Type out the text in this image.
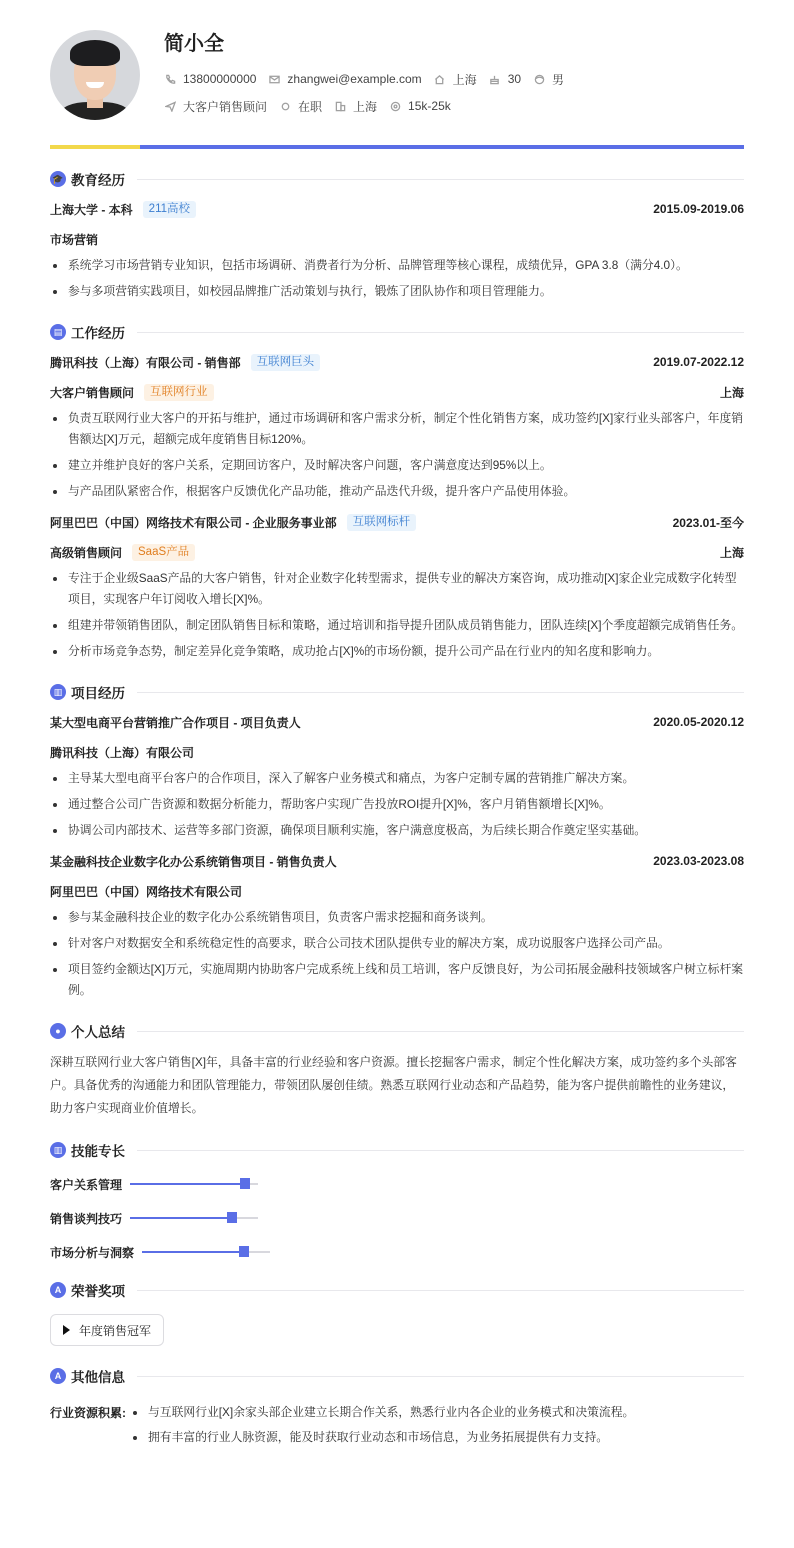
简小全
13800000000	zhangwei@example.com	上海	30	男
大客户销售顾问	在职	上海	15k-25k
🎓 教育经历
上海大学 - 本科	211高校	2015.09-2019.06
市场营销
系统学习市场营销专业知识，包括市场调研、消费者行为分析、品牌管理等核心课程，成绩优异，GPA 3.8（满分4.0）。
参与多项营销实践项目，如校园品牌推广活动策划与执行，锻炼了团队协作和项目管理能力。
▤ 工作经历
腾讯科技（上海）有限公司 - 销售部	互联网巨头	2019.07-2022.12
大客户销售顾问	互联网行业	上海
负责互联网行业大客户的开拓与维护，通过市场调研和客户需求分析，制定个性化销售方案，成功签约[X]家行业头部客户，年度销售额达[X]万元，超额完成年度销售目标120%。
建立并维护良好的客户关系，定期回访客户，及时解决客户问题，客户满意度达到95%以上。
与产品团队紧密合作，根据客户反馈优化产品功能，推动产品迭代升级，提升客户产品使用体验。
阿里巴巴（中国）网络技术有限公司 - 企业服务事业部	互联网标杆	2023.01-至今
高级销售顾问	SaaS产品	上海
专注于企业级SaaS产品的大客户销售，针对企业数字化转型需求，提供专业的解决方案咨询，成功推动[X]家企业完成数字化转型项目，实现客户年订阅收入增长[X]%。
组建并带领销售团队，制定团队销售目标和策略，通过培训和指导提升团队成员销售能力，团队连续[X]个季度超额完成销售任务。
分析市场竞争态势，制定差异化竞争策略，成功抢占[X]%的市场份额，提升公司产品在行业内的知名度和影响力。
▥ 项目经历
某大型电商平台营销推广合作项目 - 项目负责人	2020.05-2020.12
腾讯科技（上海）有限公司
主导某大型电商平台客户的合作项目，深入了解客户业务模式和痛点，为客户定制专属的营销推广解决方案。
通过整合公司广告资源和数据分析能力，帮助客户实现广告投放ROI提升[X]%，客户月销售额增长[X]%。
协调公司内部技术、运营等多部门资源，确保项目顺利实施，客户满意度极高，为后续长期合作奠定坚实基础。
某金融科技企业数字化办公系统销售项目 - 销售负责人	2023.03-2023.08
阿里巴巴（中国）网络技术有限公司
参与某金融科技企业的数字化办公系统销售项目，负责客户需求挖掘和商务谈判。
针对客户对数据安全和系统稳定性的高要求，联合公司技术团队提供专业的解决方案，成功说服客户选择公司产品。
项目签约金额达[X]万元，实施周期内协助客户完成系统上线和员工培训，客户反馈良好，为公司拓展金融科技领域客户树立标杆案例。
● 个人总结
深耕互联网行业大客户销售[X]年，具备丰富的行业经验和客户资源。擅长挖掘客户需求，制定个性化解决方案，成功签约多个头部客户。具备优秀的沟通能力和团队管理能力，带领团队屡创佳绩。熟悉互联网行业动态和产品趋势，能为客户提供前瞻性的业务建议，助力客户实现商业价值增长。
▥ 技能专长
客户关系管理
销售谈判技巧
市场分析与洞察
A 荣誉奖项
年度销售冠军
A 其他信息
行业资源积累:	与互联网行业[X]余家头部企业建立长期合作关系，熟悉行业内各企业的业务模式和决策流程。
拥有丰富的行业人脉资源，能及时获取行业动态和市场信息，为业务拓展提供有力支持。
